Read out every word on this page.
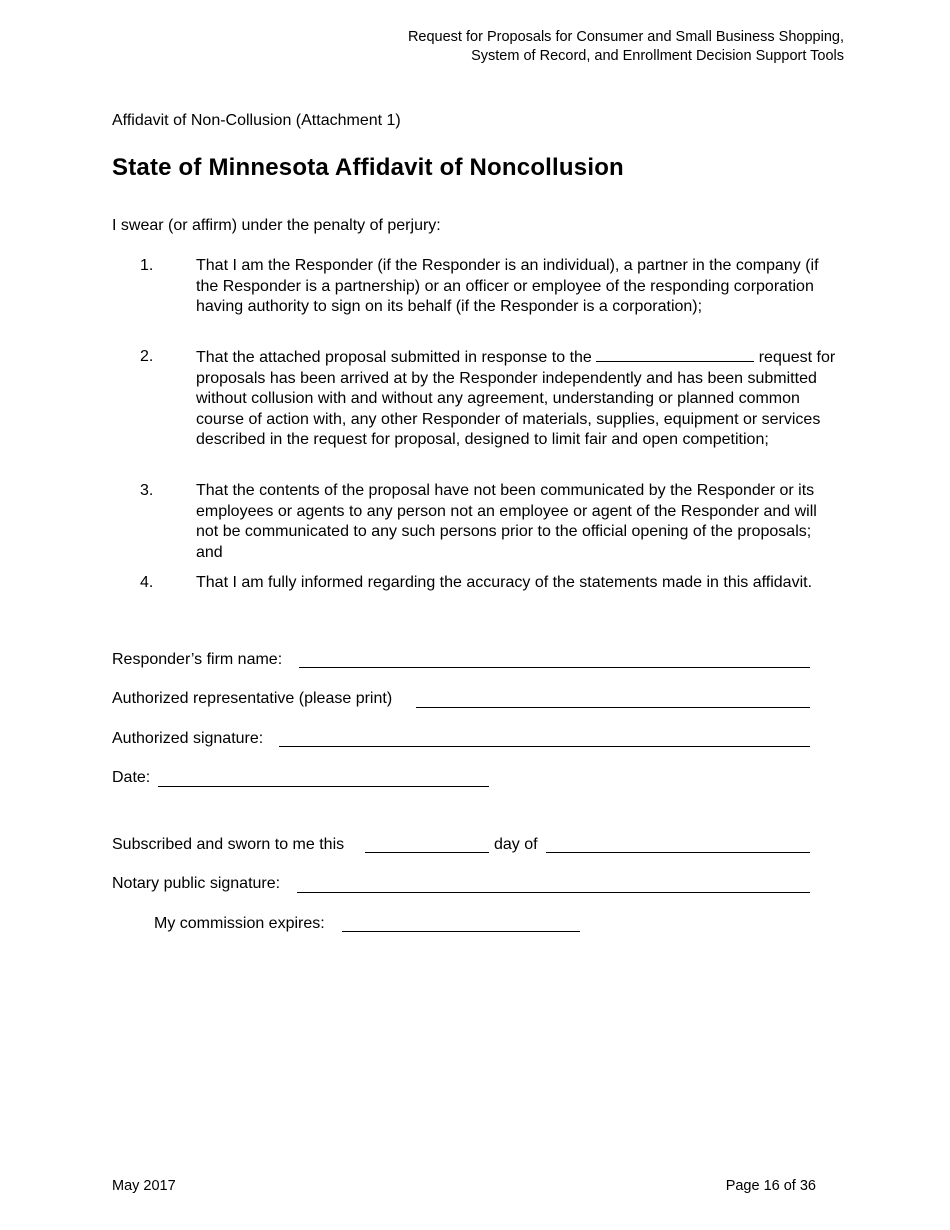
Request for Proposals for Consumer and Small Business Shopping,
System of Record, and Enrollment Decision Support Tools
Affidavit of Non-Collusion (Attachment 1)
State of Minnesota Affidavit of Noncollusion
I swear (or affirm) under the penalty of perjury:
1.	That I am the Responder (if the Responder is an individual), a partner in the company (if the Responder is a partnership) or an officer or employee of the responding corporation having authority to sign on its behalf (if the Responder is a corporation);
2.	That the attached proposal submitted in response to the	request for proposals has been arrived at by the Responder independently and has been submitted without collusion with and without any agreement, understanding or planned common course of action with, any other Responder of materials, supplies, equipment or services described in the request for proposal, designed to limit fair and open competition;
3.	That the contents of the proposal have not been communicated by the Responder or its employees or agents to any person not an employee or agent of the Responder and will not be communicated to any such persons prior to the official opening of the proposals; and
4.	That I am fully informed regarding the accuracy of the statements made in this affidavit.
Responder’s firm name:
Authorized representative (please print)
Authorized signature:
Date:
Subscribed and sworn to me this	day of
Notary public signature:
My commission expires:
May 2017	Page 16 of 36
